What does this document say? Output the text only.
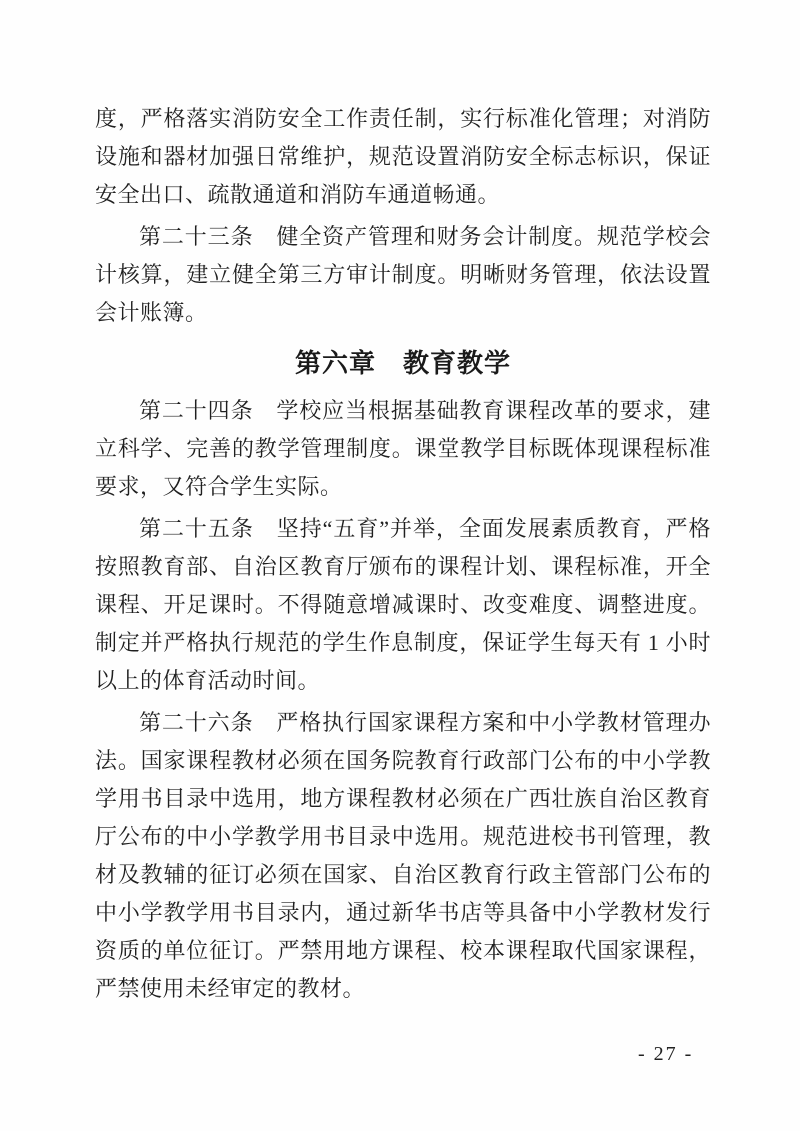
度，严格落实消防安全工作责任制，实行标准化管理；对消防设施和器材加强日常维护，规范设置消防安全标志标识，保证安全出口、疏散通道和消防车通道畅通。

第二十三条　健全资产管理和财务会计制度。规范学校会计核算，建立健全第三方审计制度。明晰财务管理，依法设置会计账簿。

第六章　教育教学

第二十四条　学校应当根据基础教育课程改革的要求，建立科学、完善的教学管理制度。课堂教学目标既体现课程标准要求，又符合学生实际。

第二十五条　坚持“五育”并举，全面发展素质教育，严格按照教育部、自治区教育厅颁布的课程计划、课程标准，开全课程、开足课时。不得随意增减课时、改变难度、调整进度。制定并严格执行规范的学生作息制度，保证学生每天有 1 小时以上的体育活动时间。

第二十六条　严格执行国家课程方案和中小学教材管理办法。国家课程教材必须在国务院教育行政部门公布的中小学教学用书目录中选用，地方课程教材必须在广西壮族自治区教育厅公布的中小学教学用书目录中选用。规范进校书刊管理，教材及教辅的征订必须在国家、自治区教育行政主管部门公布的中小学教学用书目录内，通过新华书店等具备中小学教材发行资质的单位征订。严禁用地方课程、校本课程取代国家课程，严禁使用未经审定的教材。

- 27 -
